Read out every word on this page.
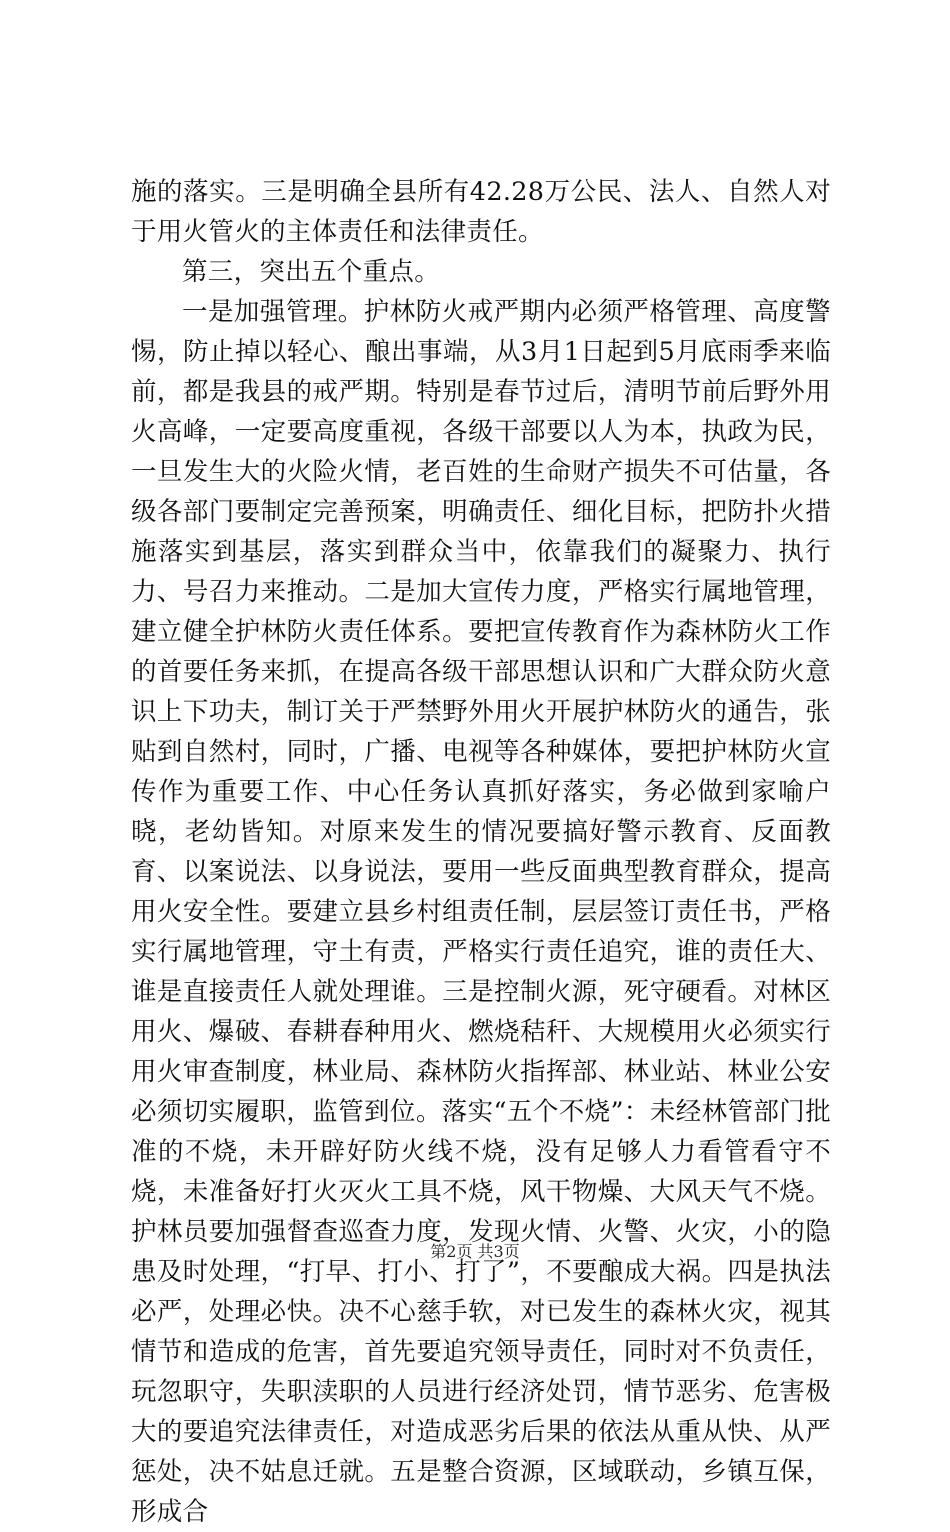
施的落实。三是明确全县所有42.28万公民、法人、自然人对于用火管火的主体责任和法律责任。

第三，突出五个重点。

一是加强管理。护林防火戒严期内必须严格管理、高度警惕，防止掉以轻心、酿出事端，从3月1日起到5月底雨季来临前，都是我县的戒严期。特别是春节过后，清明节前后野外用火高峰，一定要高度重视，各级干部要以人为本，执政为民，一旦发生大的火险火情，老百姓的生命财产损失不可估量，各级各部门要制定完善预案，明确责任、细化目标，把防扑火措施落实到基层，落实到群众当中，依靠我们的凝聚力、执行力、号召力来推动。二是加大宣传力度，严格实行属地管理，建立健全护林防火责任体系。要把宣传教育作为森林防火工作的首要任务来抓，在提高各级干部思想认识和广大群众防火意识上下功夫，制订关于严禁野外用火开展护林防火的通告，张贴到自然村，同时，广播、电视等各种媒体，要把护林防火宣传作为重要工作、中心任务认真抓好落实，务必做到家喻户晓，老幼皆知。对原来发生的情况要搞好警示教育、反面教育、以案说法、以身说法，要用一些反面典型教育群众，提高用火安全性。要建立县乡村组责任制，层层签订责任书，严格实行属地管理，守土有责，严格实行责任追究，谁的责任大、谁是直接责任人就处理谁。三是控制火源，死守硬看。对林区用火、爆破、春耕春种用火、燃烧秸秆、大规模用火必须实行用火审查制度，林业局、森林防火指挥部、林业站、林业公安必须切实履职，监管到位。落实“五个不烧”：未经林管部门批准的不烧，未开辟好防火线不烧，没有足够人力看管看守不烧，未准备好打火灭火工具不烧，风干物燥、大风天气不烧。护林员要加强督查巡查力度，发现火情、火警、火灾，小的隐患及时处理，“打早、打小、打了”，不要酿成大祸。四是执法必严，处理必快。决不心慈手软，对已发生的森林火灾，视其情节和造成的危害，首先要追究领导责任，同时对不负责任，玩忽职守，失职渎职的人员进行经济处罚，情节恶劣、危害极大的要追究法律责任，对造成恶劣后果的依法从重从快、从严惩处，决不姑息迁就。五是整合资源，区域联动，乡镇互保，形成合

第2页 共3页
